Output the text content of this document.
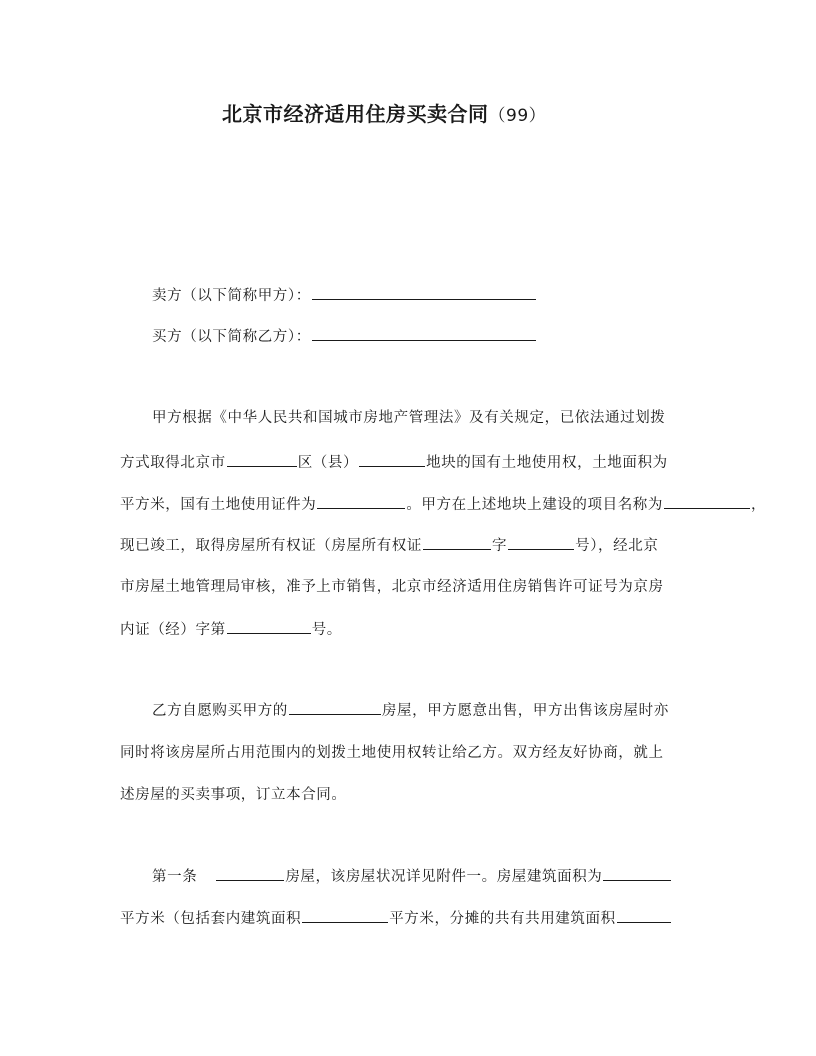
北京市经济适用住房买卖合同（99）
卖方（以下简称甲方）：
买方（以下简称乙方）：
甲方根据《中华人民共和国城市房地产管理法》及有关规定，已依法通过划拨
方式取得北京市	区（县）	地块的国有土地使用权，土地面积为
平方米，国有土地使用证件为	。甲方在上述地块上建设的项目名称为	，
现已竣工，取得房屋所有权证（房屋所有权证	字	号），经北京
市房屋土地管理局审核，准予上市销售，北京市经济适用住房销售许可证号为京房
内证（经）字第	号。
乙方自愿购买甲方的	房屋，甲方愿意出售，甲方出售该房屋时亦
同时将该房屋所占用范围内的划拨土地使用权转让给乙方。双方经友好协商，就上
述房屋的买卖事项，订立本合同。
第一条	房屋，该房屋状况详见附件一。房屋建筑面积为
平方米（包括套内建筑面积	平方米，分摊的共有共用建筑面积
